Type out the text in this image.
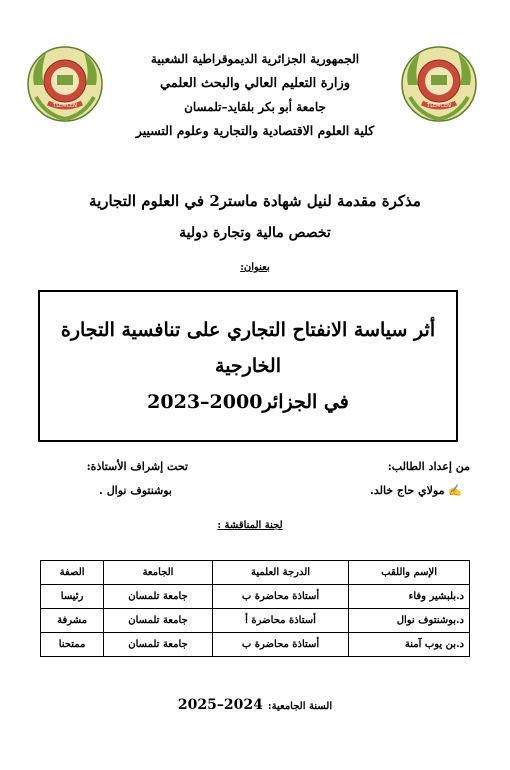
TLEMCEN	TLEMCEN
الجمهورية الجزائرية الديموقراطية الشعبية
وزارة التعليم العالي والبحث العلمي
جامعة أبو بكر بلقايد–تلمسان
كلية العلوم الاقتصادية والتجارية وعلوم التسيير
مذكرة مقدمة لنيل شهادة ماستر2 في العلوم التجارية
تخصص مالية وتجارة دولية
بعنوان:
أثر سياسة الانفتاح التجاري على تنافسية التجارة الخارجية
في الجزائر2000–2023
من إعداد الطالب:
✍ مولاي حاج خالد.
تحت إشراف الأستاذة:
بوشنتوف نوال .
لجنة المناقشة :
الإسم واللقب	الدرجة العلمية	الجامعة	الصفة
د.بلبشير وفاء	أستاذة محاضرة ب	جامعة تلمسان	رئيسا
د.بوشنتوف نوال	أستاذة محاضرة أ	جامعة تلمسان	مشرفة
د.بن يوب آمنة	أستاذة محاضرة ب	جامعة تلمسان	ممتحنا
السنة الجامعية: 2024–2025
